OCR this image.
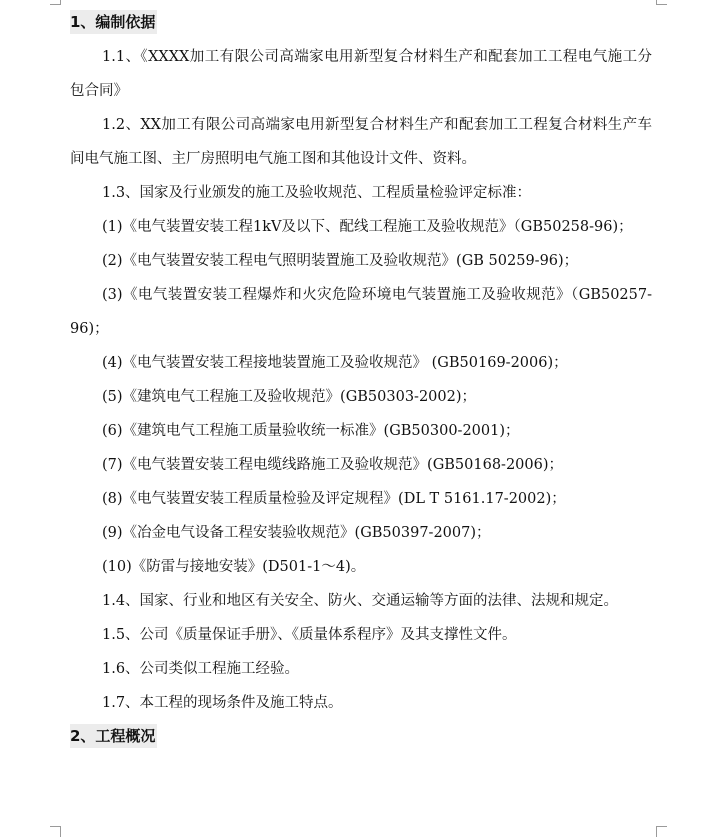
1、编制依据

1.1、《XXXX加工有限公司高端家电用新型复合材料生产和配套加工工程电气施工分包合同》

1.2、XX加工有限公司高端家电用新型复合材料生产和配套加工工程复合材料生产车间电气施工图、主厂房照明电气施工图和其他设计文件、资料。

1.3、国家及行业颁发的施工及验收规范、工程质量检验评定标准：

(1)《电气装置安装工程1kV及以下、配线工程施工及验收规范》（GB50258-96)；

(2)《电气装置安装工程电气照明装置施工及验收规范》(GB 50259-96)；

(3)《电气装置安装工程爆炸和火灾危险环境电气装置施工及验收规范》（GB50257-96)；

(4)《电气装置安装工程接地装置施工及验收规范》 (GB50169-2006)；

(5)《建筑电气工程施工及验收规范》(GB50303-2002)；

(6)《建筑电气工程施工质量验收统一标准》(GB50300-2001)；

(7)《电气装置安装工程电缆线路施工及验收规范》(GB50168-2006)；

(8)《电气装置安装工程质量检验及评定规程》(DL T 5161.17-2002)；

(9)《冶金电气设备工程安装验收规范》(GB50397-2007)；

(10)《防雷与接地安装》(D501-1～4)。

1.4、国家、行业和地区有关安全、防火、交通运输等方面的法律、法规和规定。

1.5、公司《质量保证手册》、《质量体系程序》及其支撑性文件。

1.6、公司类似工程施工经验。

1.7、本工程的现场条件及施工特点。

2、工程概况
